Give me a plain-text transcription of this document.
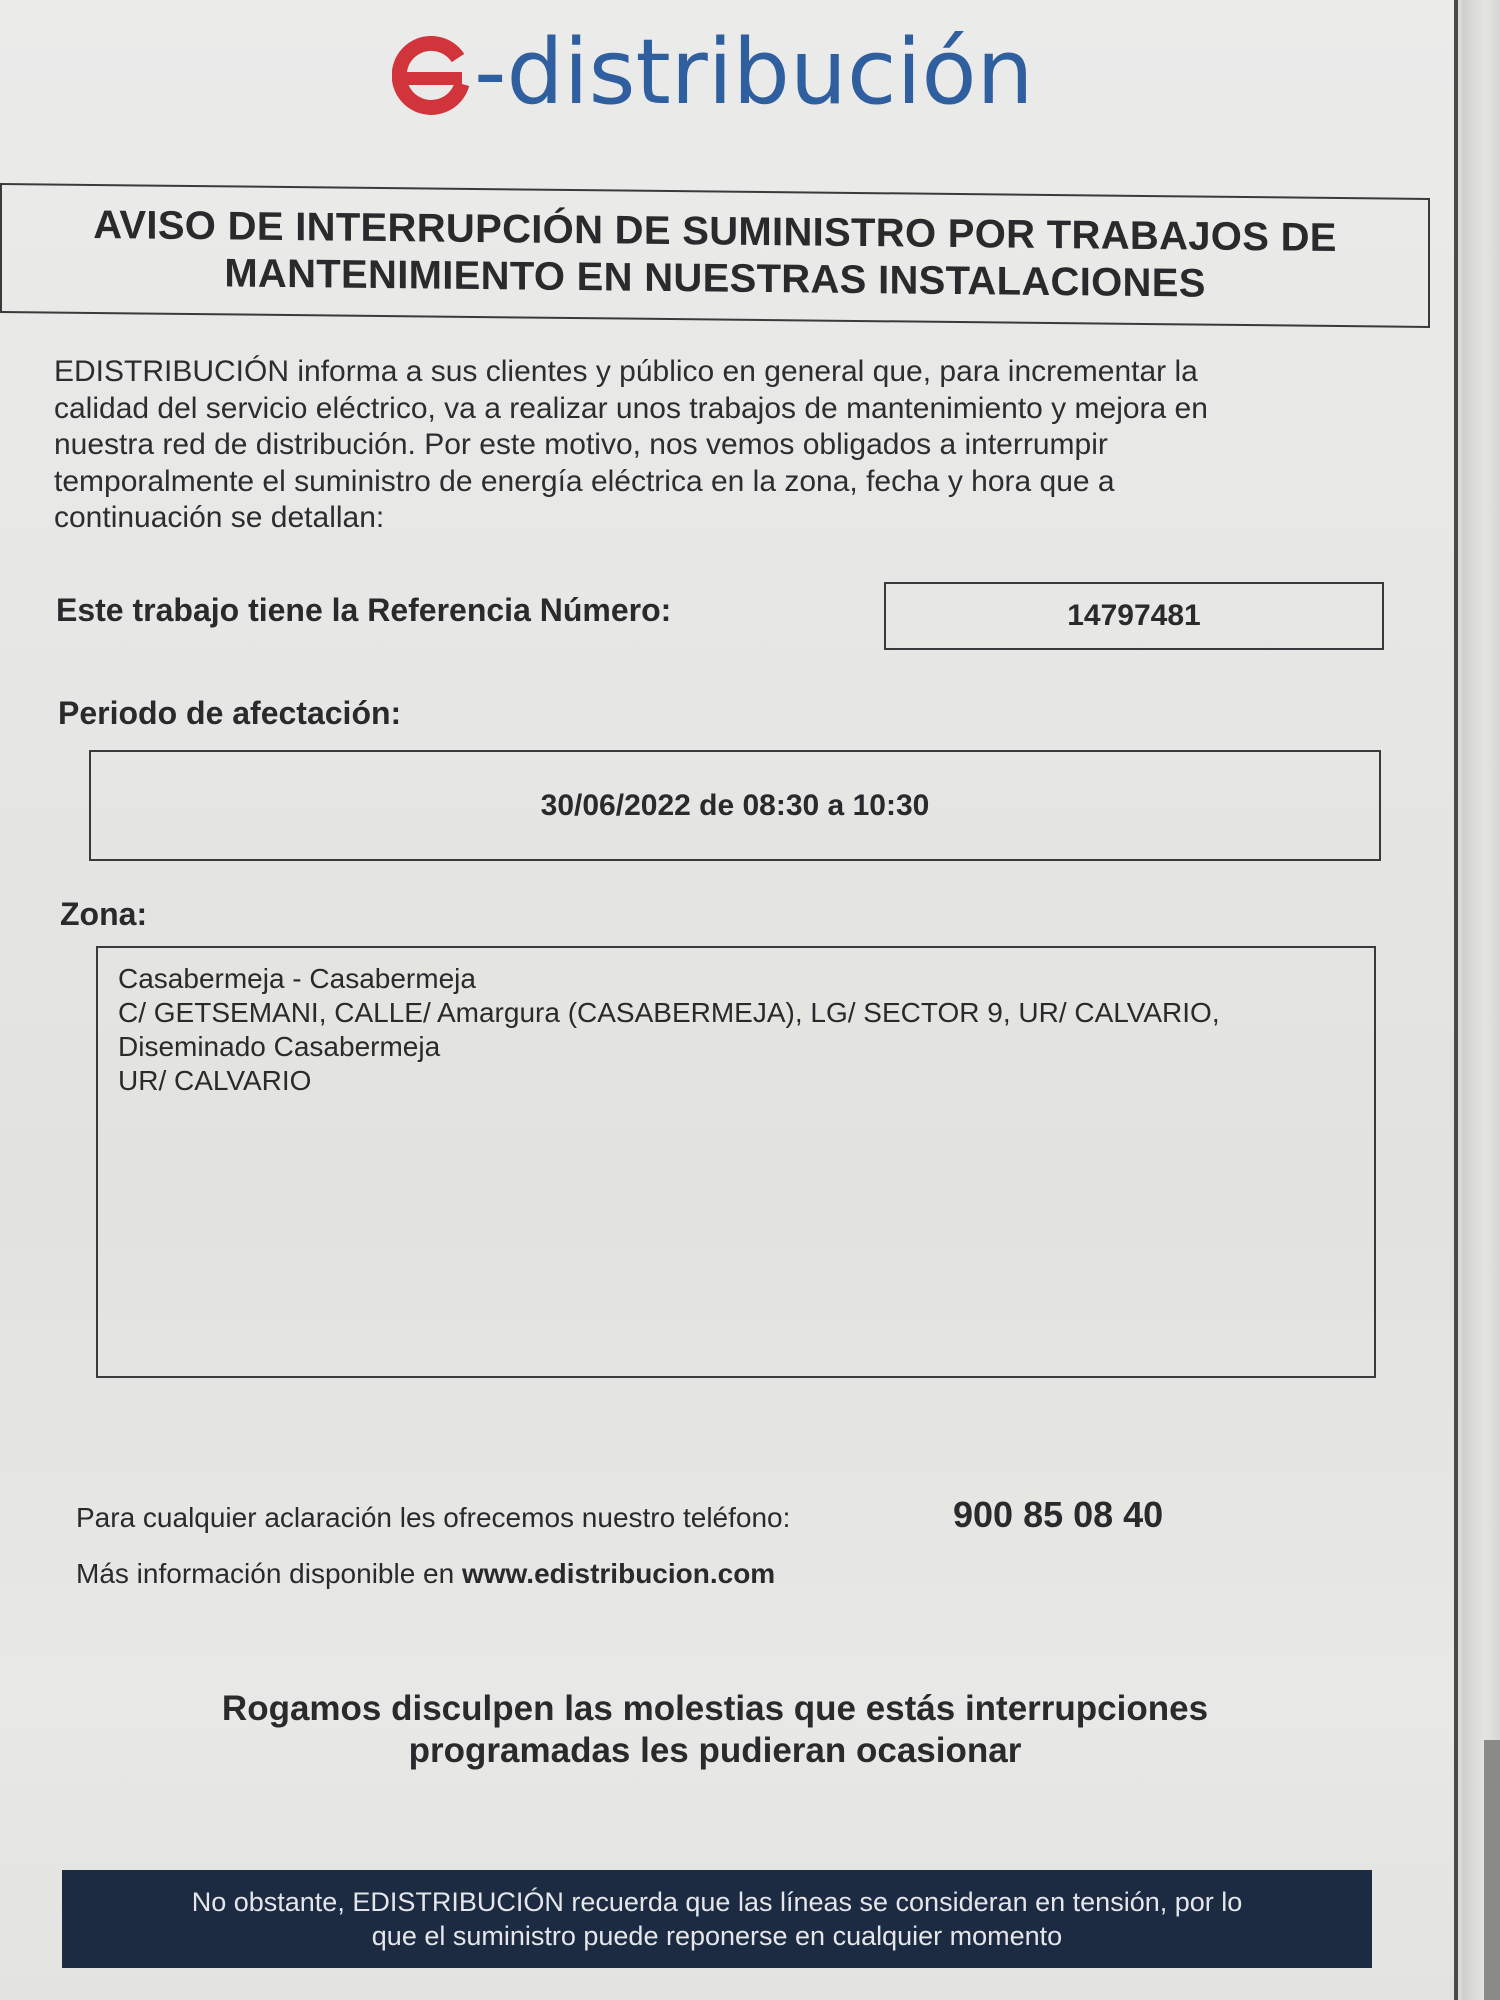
-distribución
AVISO DE INTERRUPCIÓN DE SUMINISTRO POR TRABAJOS DE
MANTENIMIENTO EN NUESTRAS INSTALACIONES
EDISTRIBUCIÓN informa a sus clientes y público en general que, para incrementar la
calidad del servicio eléctrico, va a realizar unos trabajos de mantenimiento y mejora en
nuestra red de distribución. Por este motivo, nos vemos obligados a interrumpir
temporalmente el suministro de energía eléctrica en la zona, fecha y hora que a
continuación se detallan:
Este trabajo tiene la Referencia Número:	14797481
Periodo de afectación:
30/06/2022 de 08:30 a 10:30
Zona:
Casabermeja - Casabermeja
C/ GETSEMANI, CALLE/ Amargura (CASABERMEJA), LG/ SECTOR 9, UR/ CALVARIO,
Diseminado Casabermeja
UR/ CALVARIO
Para cualquier aclaración les ofrecemos nuestro teléfono:	900 85 08 40
Más información disponible en www.edistribucion.com
Rogamos disculpen las molestias que estás interrupciones
programadas les pudieran ocasionar
No obstante, EDISTRIBUCIÓN recuerda que las líneas se consideran en tensión, por lo
que el suministro puede reponerse en cualquier momento
